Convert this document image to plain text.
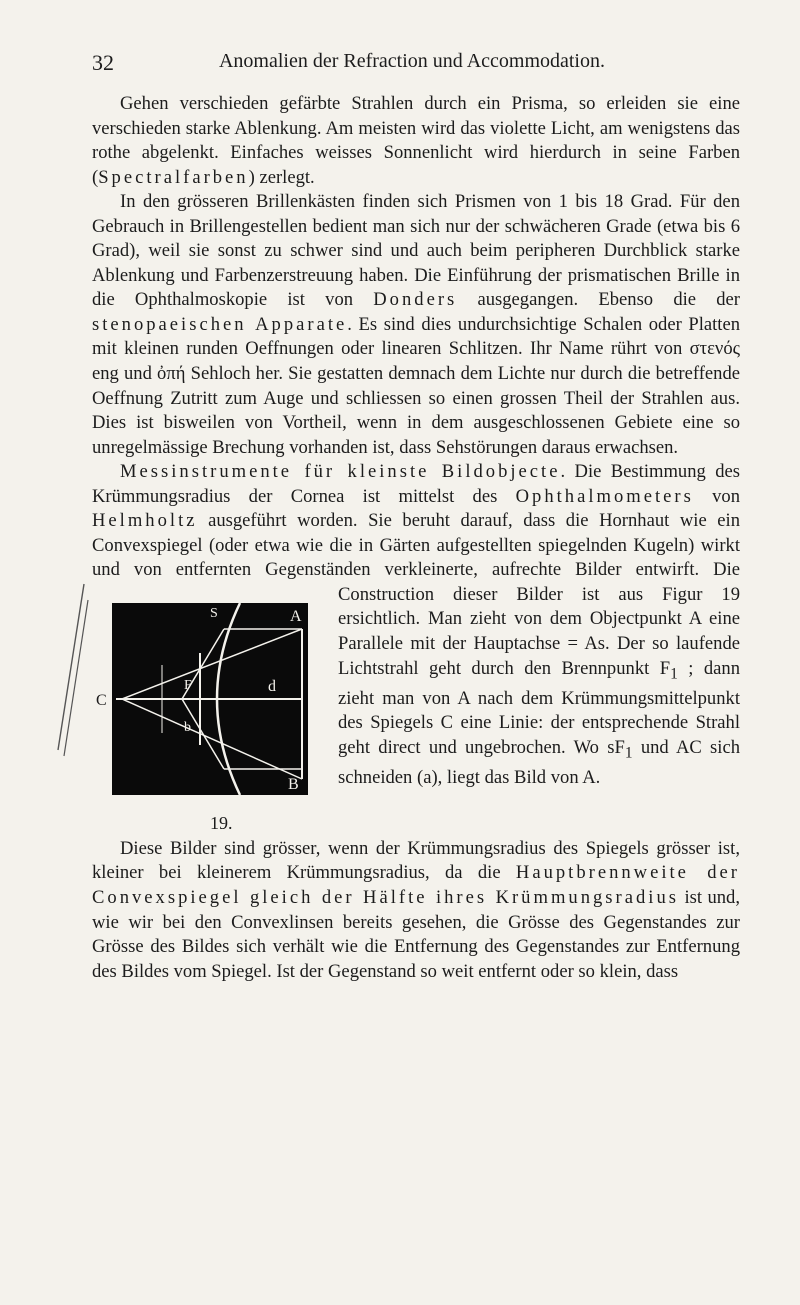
32	Anomalien der Refraction und Accommodation.

Gehen verschieden gefärbte Strahlen durch ein Prisma, so erleiden sie eine verschieden starke Ablenkung. Am meisten wird das violette Licht, am wenigstens das rothe abgelenkt. Einfaches weisses Sonnenlicht wird hierdurch in seine Farben (Spectralfarben) zerlegt.

In den grösseren Brillenkästen finden sich Prismen von 1 bis 18 Grad. Für den Gebrauch in Brillengestellen bedient man sich nur der schwächeren Grade (etwa bis 6 Grad), weil sie sonst zu schwer sind und auch beim peripheren Durchblick starke Ablenkung und Farbenzerstreuung haben. Die Einführung der prismatischen Brille in die Ophthalmoskopie ist von Donders ausgegangen. Ebenso die der stenopaeischen Apparate. Es sind dies undurchsichtige Schalen oder Platten mit kleinen runden Oeffnungen oder linearen Schlitzen. Ihr Name rührt von στενός eng und ὀπή Sehloch her. Sie gestatten demnach dem Lichte nur durch die betreffende Oeffnung Zutritt zum Auge und schliessen so einen grossen Theil der Strahlen aus. Dies ist bisweilen von Vortheil, wenn in dem ausgeschlossenen Gebiete eine so unregelmässige Brechung vorhanden ist, dass Sehstörungen daraus erwachsen.

Messinstrumente für kleinste Bildobjecte. Die Bestimmung des Krümmungsradius der Cornea ist mittelst des Ophthalmometers von Helmholtz ausgeführt worden. Sie beruht darauf, dass die Hornhaut wie ein Convexspiegel (oder etwa wie die in Gärten aufgestellten spiegelnden Kugeln) wirkt und von entfernten Gegenständen verkleinerte, aufrechte Bilder entwirft. Die Construction dieser Bilder
S	A
C
F	d
b
B
19.
ist aus Figur 19 ersichtlich. Man zieht von dem Objectpunkt A eine Parallele mit der Hauptachse = As. Der so laufende Lichtstrahl geht durch den Brennpunkt $F_1$ ; dann zieht man von A nach dem Krümmungsmittelpunkt des Spiegels C eine Linie: der entsprechende Strahl geht direct und ungebrochen. Wo $sF_1$ und AC sich schneiden (a), liegt das Bild von A.

Diese Bilder sind grösser, wenn der Krümmungsradius des Spiegels grösser ist, kleiner bei kleinerem Krümmungsradius, da die Hauptbrennweite der Convexspiegel gleich der Hälfte ihres Krümmungsradius ist und, wie wir bei den Convexlinsen bereits gesehen, die Grösse des Gegenstandes zur Grösse des Bildes sich verhält wie die Entfernung des Gegenstandes zur Entfernung des Bildes vom Spiegel. Ist der Gegenstand so weit entfernt oder so klein, dass
